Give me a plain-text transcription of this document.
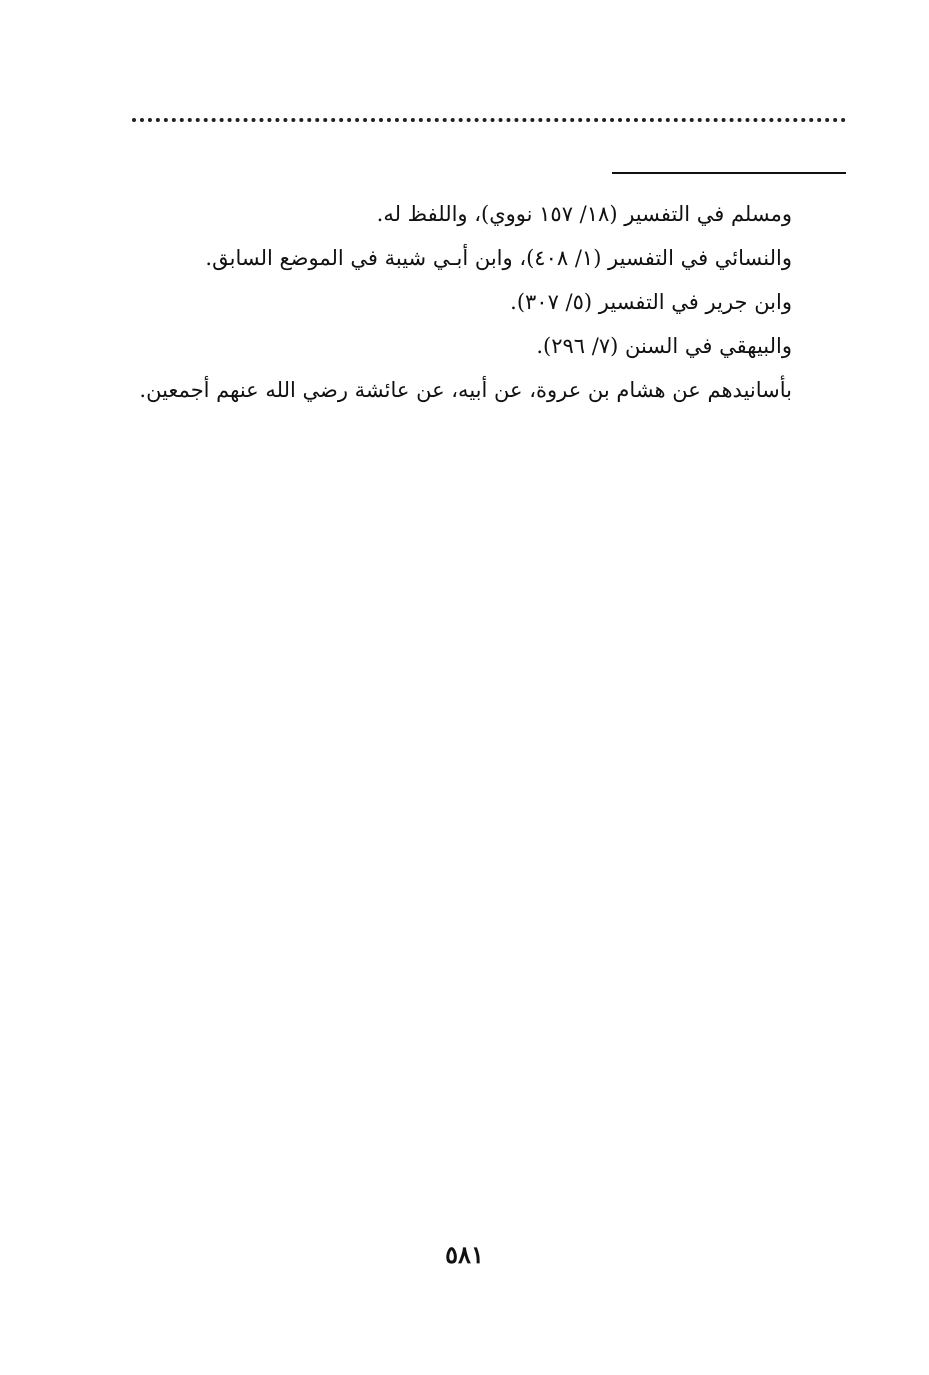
ومسلم في التفسير (١٨/ ١٥٧ نووي)، واللفظ له.
والنسائي في التفسير (١/ ٤٠٨)، وابن أبـي شيبة في الموضع السابق.
وابن جرير في التفسير (٥/ ٣٠٧).
والبيهقي في السنن (٧/ ٢٩٦).
بأسانيدهم عن هشام بن عروة، عن أبيه، عن عائشة رضي الله عنهم أجمعين.
٥٨١
